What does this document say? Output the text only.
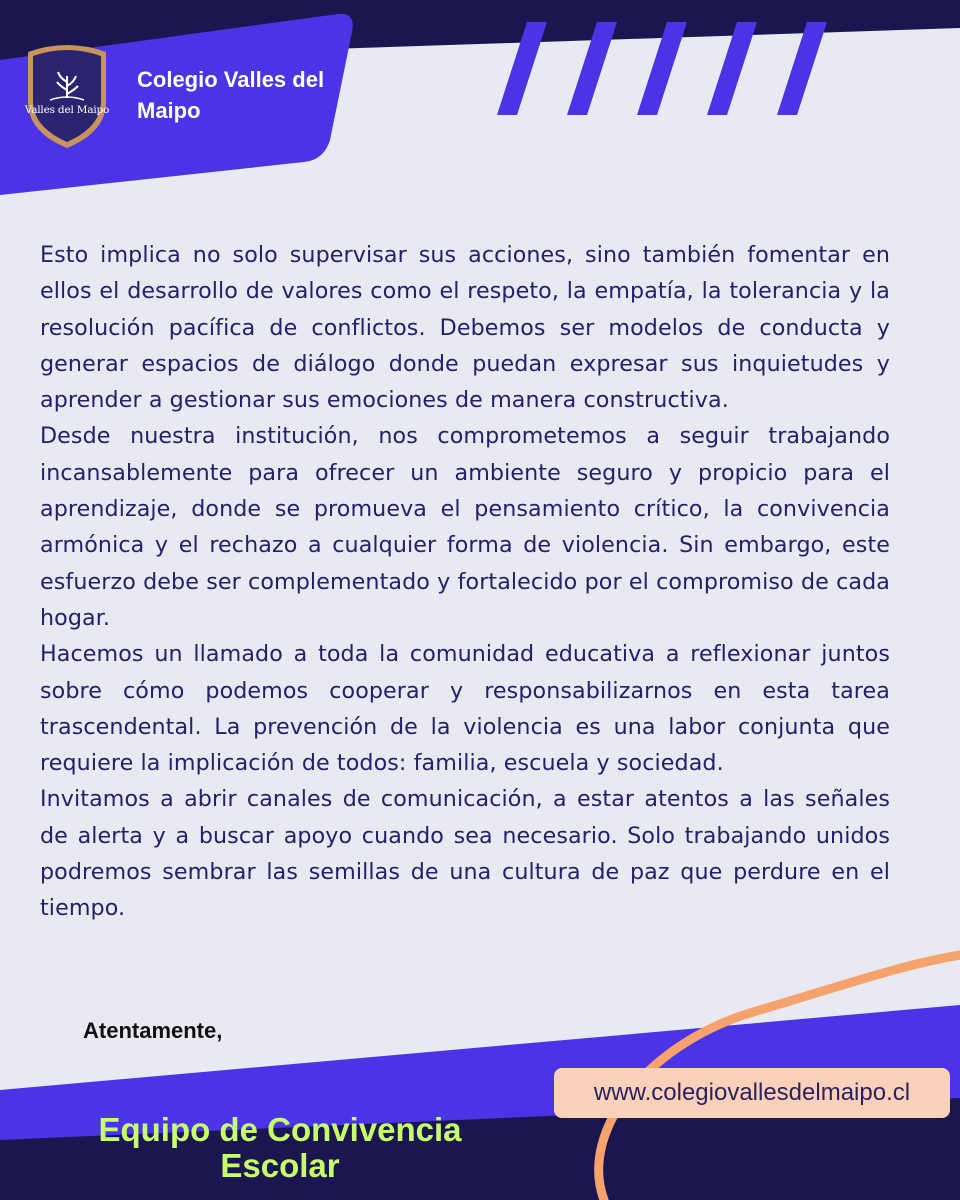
Valles del Maipo
Colegio Valles del Maipo

Esto implica no solo supervisar sus acciones, sino también fomentar en ellos el desarrollo de valores como el respeto, la empatía, la tolerancia y la resolución pacífica de conflictos. Debemos ser modelos de conducta y generar espacios de diálogo donde puedan expresar sus inquietudes y aprender a gestionar sus emociones de manera constructiva.

Desde nuestra institución, nos comprometemos a seguir trabajando incansablemente para ofrecer un ambiente seguro y propicio para el aprendizaje, donde se promueva el pensamiento crítico, la convivencia armónica y el rechazo a cualquier forma de violencia. Sin embargo, este esfuerzo debe ser complementado y fortalecido por el compromiso de cada hogar.

Hacemos un llamado a toda la comunidad educativa a reflexionar juntos sobre cómo podemos cooperar y responsabilizarnos en esta tarea trascendental. La prevención de la violencia es una labor conjunta que requiere la implicación de todos: familia, escuela y sociedad.

Invitamos a abrir canales de comunicación, a estar atentos a las señales de alerta y a buscar apoyo cuando sea necesario. Solo trabajando unidos podremos sembrar las semillas de una cultura de paz que perdure en el tiempo.

Atentamente,
www.colegiovallesdelmaipo.cl
Equipo de Convivencia Escolar
